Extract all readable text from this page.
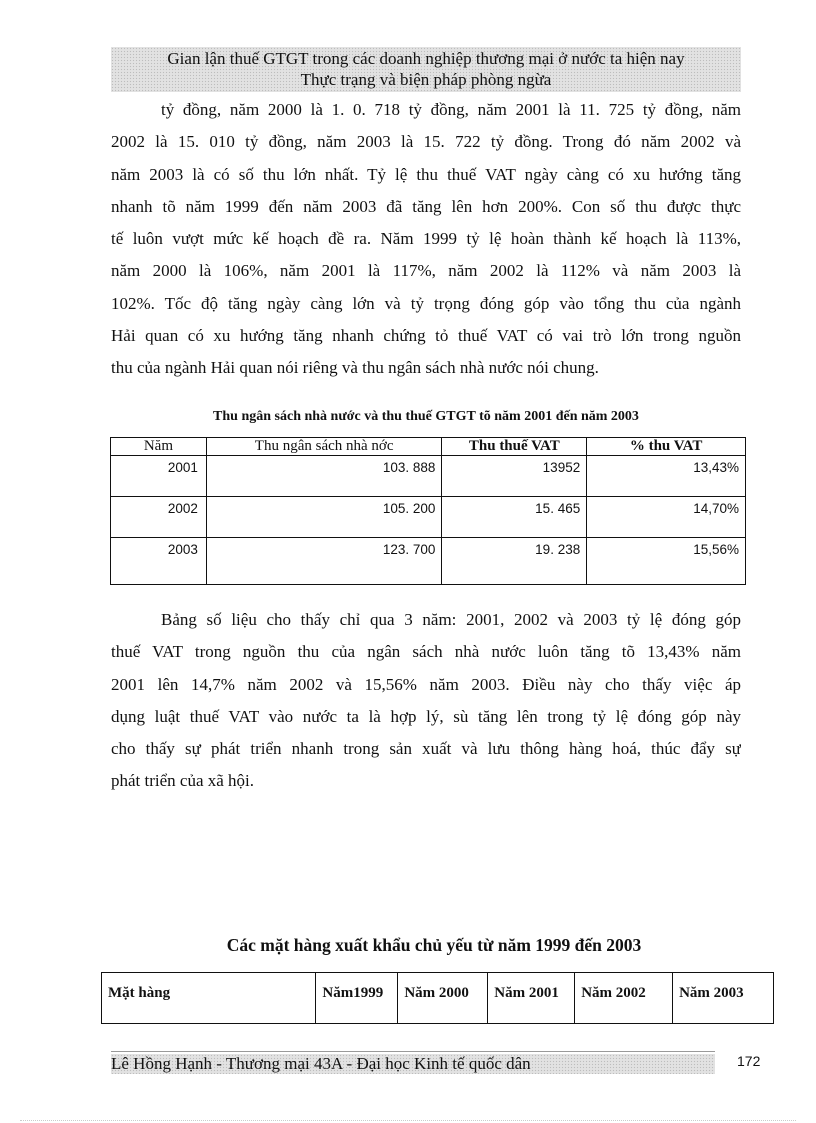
Gian lận thuế GTGT trong các doanh nghiệp thương mại ở nước ta hiện nay
Thực trạng và biện pháp phòng ngừa
tỷ đồng, năm 2000 là 1. 0. 718 tỷ đồng, năm 2001 là 11. 725 tỷ đồng, năm
2002 là 15. 010 tỷ đồng, năm 2003 là 15. 722 tỷ đồng. Trong đó năm 2002 và
năm 2003 là có số thu lớn nhất. Tỷ lệ thu thuế VAT ngày càng có xu hướng tăng
nhanh tõ năm 1999 đến năm 2003 đã tăng lên hơn 200%. Con số thu được thực
tế luôn vượt mức kế hoạch đề ra. Năm 1999 tỷ lệ hoàn thành kế hoạch là 113%,
năm 2000 là 106%, năm 2001 là 117%, năm 2002 là 112% và năm 2003 là
102%. Tốc độ tăng ngày càng lớn và tỷ trọng đóng góp vào tổng thu của ngành
Hải quan có xu hướng tăng nhanh chứng tỏ thuế VAT có vai trò lớn trong nguồn
thu của ngành Hải quan nói riêng và thu ngân sách nhà nước nói chung.
Thu ngân sách nhà nước và thu thuế GTGT tõ năm 2001 đến năm 2003
Năm	Thu ngân sách nhà nớc	Thu thuế VAT	% thu VAT
2001	103. 888	13952	13,43%
2002	105. 200	15. 465	14,70%
2003	123. 700	19. 238	15,56%
Bảng số liệu cho thấy chỉ qua 3 năm: 2001, 2002 và 2003 tỷ lệ đóng góp
thuế VAT trong nguồn thu của ngân sách nhà nước luôn tăng tõ 13,43% năm
2001 lên 14,7% năm 2002 và 15,56% năm 2003. Điều này cho thấy việc áp
dụng luật thuế VAT vào nước ta là hợp lý, sù tăng lên trong tỷ lệ đóng góp này
cho thấy sự phát triển nhanh trong sản xuất và lưu thông hàng hoá, thúc đẩy sự
phát triển của xã hội.
Các mặt hàng xuất khẩu chủ yếu từ năm 1999 đến 2003
Mặt hàng	Năm1999	Năm 2000	Năm 2001	Năm 2002	Năm 2003
Lê Hồng Hạnh - Thương mại 43A - Đại học Kinh tế quốc dân	172
